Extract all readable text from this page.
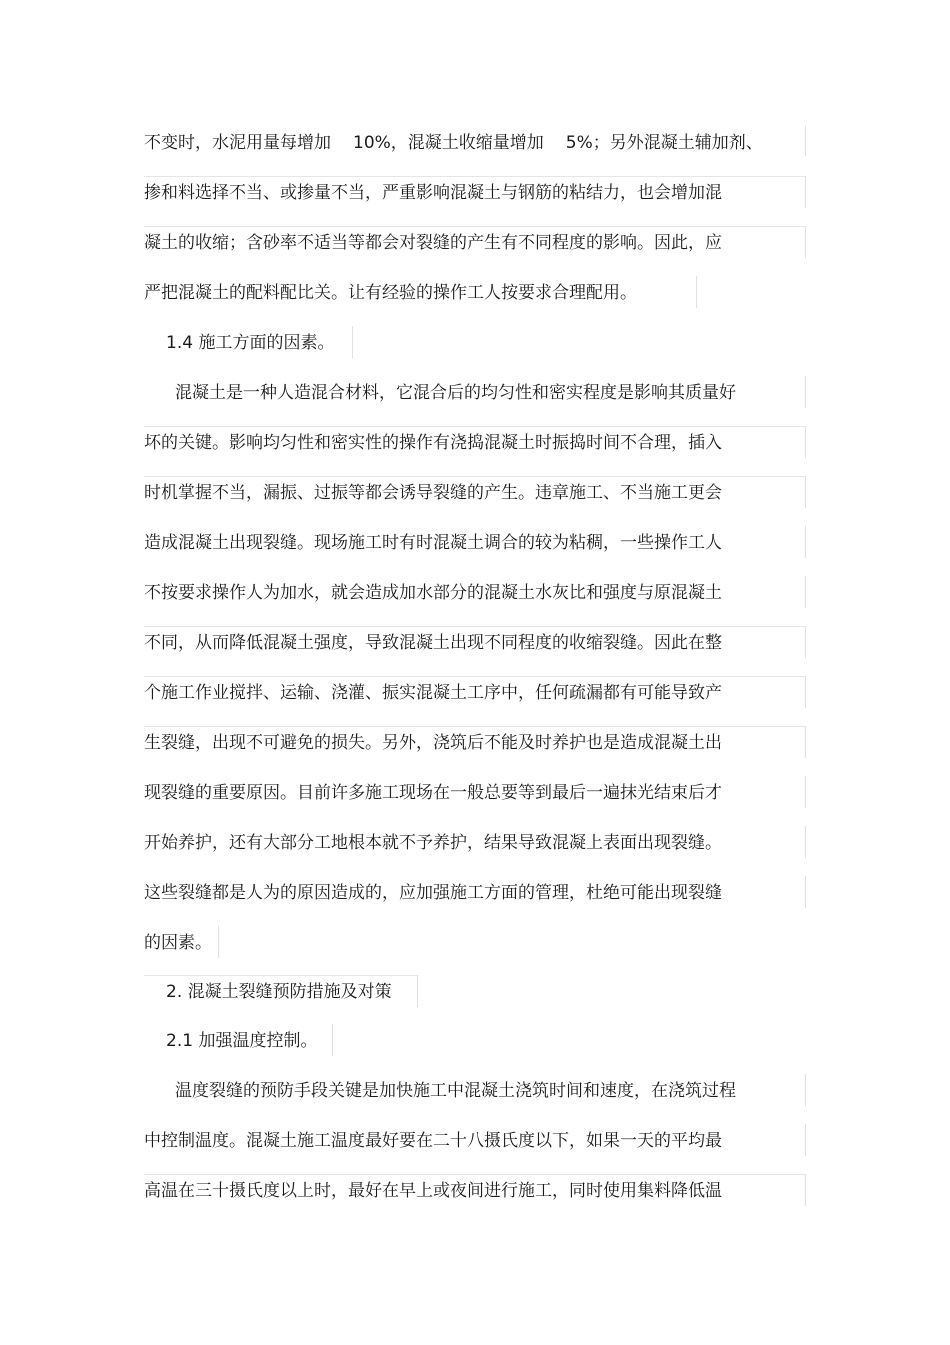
不变时，水泥用量每增加 10%，混凝土收缩量增加 5%；另外混凝土辅加剂、
掺和料选择不当、或掺量不当，严重影响混凝土与钢筋的粘结力，也会增加混
凝土的收缩；含砂率不适当等都会对裂缝的产生有不同程度的影响。因此，应
严把混凝土的配料配比关。让有经验的操作工人按要求合理配用。
1.4 施工方面的因素。
混凝土是一种人造混合材料，它混合后的均匀性和密实程度是影响其质量好
坏的关键。影响均匀性和密实性的操作有浇捣混凝土时振捣时间不合理，插入
时机掌握不当，漏振、过振等都会诱导裂缝的产生。违章施工、不当施工更会
造成混凝土出现裂缝。现场施工时有时混凝土调合的较为粘稠，一些操作工人
不按要求操作人为加水，就会造成加水部分的混凝土水灰比和强度与原混凝土
不同，从而降低混凝土强度，导致混凝土出现不同程度的收缩裂缝。因此在整
个施工作业搅拌、运输、浇灌、振实混凝土工序中，任何疏漏都有可能导致产
生裂缝，出现不可避免的损失。另外，浇筑后不能及时养护也是造成混凝土出
现裂缝的重要原因。目前许多施工现场在一般总要等到最后一遍抹光结束后才
开始养护，还有大部分工地根本就不予养护，结果导致混凝上表面出现裂缝。
这些裂缝都是人为的原因造成的，应加强施工方面的管理，杜绝可能出现裂缝
的因素。
2. 混凝土裂缝预防措施及对策
2.1 加强温度控制。
温度裂缝的预防手段关键是加快施工中混凝土浇筑时间和速度，在浇筑过程
中控制温度。混凝土施工温度最好要在二十八摄氏度以下，如果一天的平均最
高温在三十摄氏度以上时，最好在早上或夜间进行施工，同时使用集料降低温
